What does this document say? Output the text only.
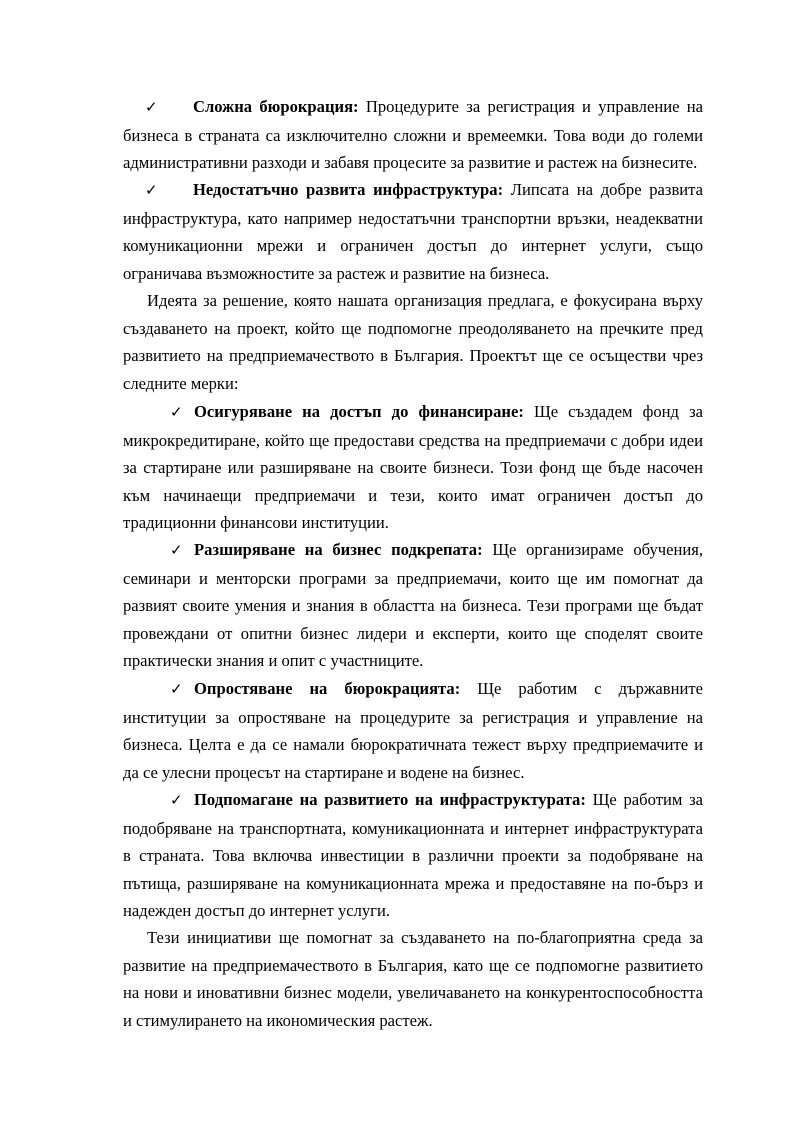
✓ Сложна бюрокрация: Процедурите за регистрация и управление на бизнеса в страната са изключително сложни и времеемки. Това води до големи административни разходи и забавя процесите за развитие и растеж на бизнесите.

✓ Недостатъчно развита инфраструктура: Липсата на добре развита инфраструктура, като например недостатъчни транспортни връзки, неадекватни комуникационни мрежи и ограничен достъп до интернет услуги, също ограничава възможностите за растеж и развитие на бизнеса.

Идеята за решение, която нашата организация предлага, е фокусирана върху създаването на проект, който ще подпомогне преодоляването на пречките пред развитието на предприемачеството в България. Проектът ще се осъществи чрез следните мерки:

✓ Осигуряване на достъп до финансиране: Ще създадем фонд за микрокредитиране, който ще предостави средства на предприемачи с добри идеи за стартиране или разширяване на своите бизнеси. Този фонд ще бъде насочен към начинаещи предприемачи и тези, които имат ограничен достъп до традиционни финансови институции.

✓ Разширяване на бизнес подкрепата: Ще организираме обучения, семинари и менторски програми за предприемачи, които ще им помогнат да развият своите умения и знания в областта на бизнеса. Тези програми ще бъдат провеждани от опитни бизнес лидери и експерти, които ще споделят своите практически знания и опит с участниците.

✓ Опростяване на бюрокрацията: Ще работим с държавните институции за опростяване на процедурите за регистрация и управление на бизнеса. Целта е да се намали бюрократичната тежест върху предприемачите и да се улесни процесът на стартиране и водене на бизнес.

✓ Подпомагане на развитието на инфраструктурата: Ще работим за подобряване на транспортната, комуникационната и интернет инфраструктурата в страната. Това включва инвестиции в различни проекти за подобряване на пътища, разширяване на комуникационната мрежа и предоставяне на по-бърз и надежден достъп до интернет услуги.

Тези инициативи ще помогнат за създаването на по-благоприятна среда за развитие на предприемачеството в България, като ще се подпомогне развитието на нови и иновативни бизнес модели, увеличаването на конкурентоспособността и стимулирането на икономическия растеж.
